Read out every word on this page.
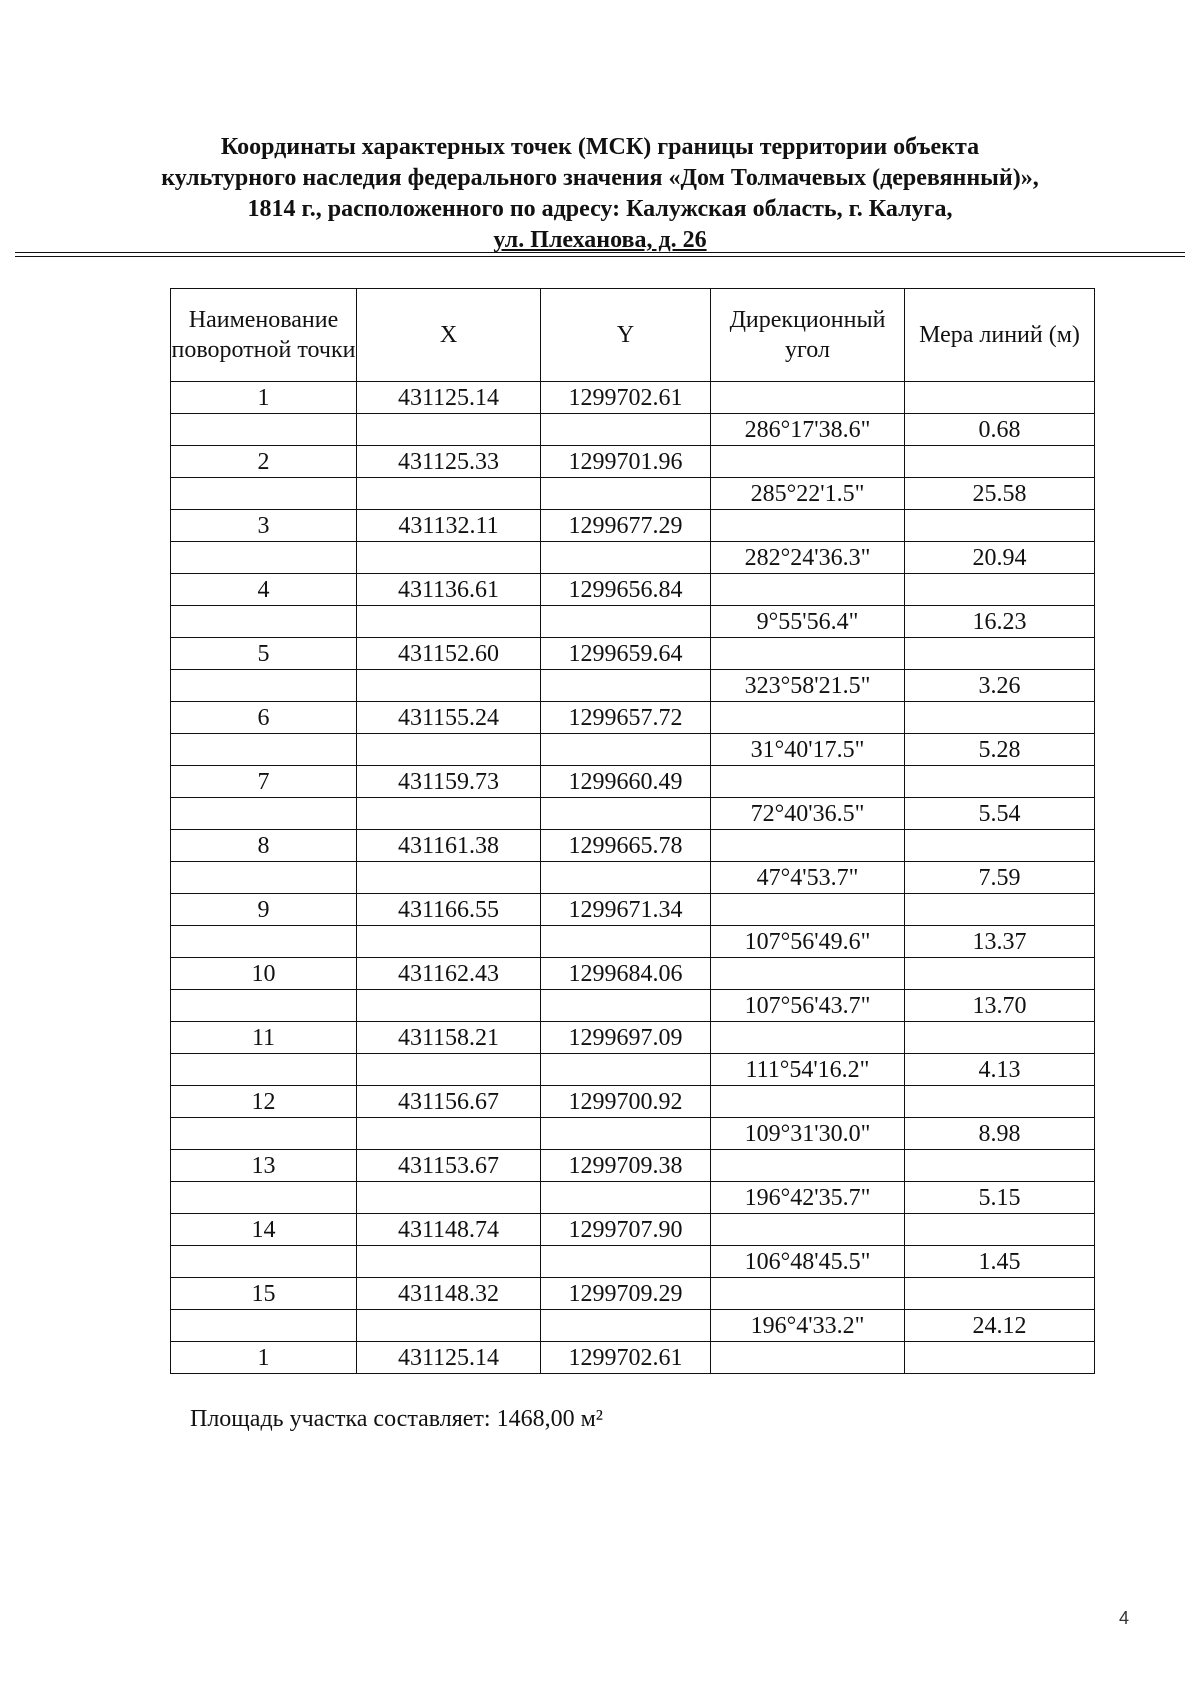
Координаты характерных точек (МСК) границы территории объекта
культурного наследия федерального значения «Дом Толмачевых (деревянный)»,
1814 г., расположенного по адресу: Калужская область, г. Калуга,
ул. Плеханова, д. 26
Наименование поворотной точки	X	Y	Дирекционный угол	Мера линий (м)
1	431125.14	1299702.61		
			286°17'38.6"	0.68
2	431125.33	1299701.96		
			285°22'1.5"	25.58
3	431132.11	1299677.29		
			282°24'36.3"	20.94
4	431136.61	1299656.84		
			9°55'56.4"	16.23
5	431152.60	1299659.64		
			323°58'21.5"	3.26
6	431155.24	1299657.72		
			31°40'17.5"	5.28
7	431159.73	1299660.49		
			72°40'36.5"	5.54
8	431161.38	1299665.78		
			47°4'53.7"	7.59
9	431166.55	1299671.34		
			107°56'49.6"	13.37
10	431162.43	1299684.06		
			107°56'43.7"	13.70
11	431158.21	1299697.09		
			111°54'16.2"	4.13
12	431156.67	1299700.92		
			109°31'30.0"	8.98
13	431153.67	1299709.38		
			196°42'35.7"	5.15
14	431148.74	1299707.90		
			106°48'45.5"	1.45
15	431148.32	1299709.29		
			196°4'33.2"	24.12
1	431125.14	1299702.61		
Площадь участка составляет: 1468,00 м²
4
